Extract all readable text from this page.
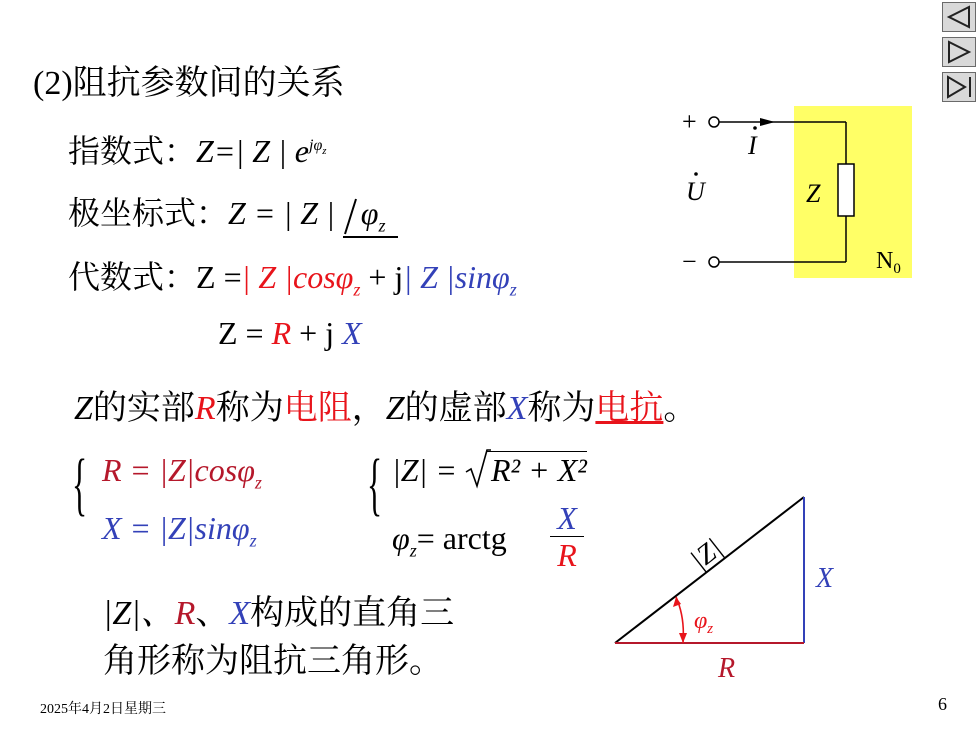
(2)阻抗参数间的关系
指数式：Z=| Z | $e^{j\varphi_z}$
极坐标式：Z = | Z | $\varphi_z$
代数式：Z =| Z |cosφ$_z$ + j| Z |sinφ$_z$
Z = R + j X
Z的实部R称为电阻，Z的虚部X称为电抗。
{ R = |Z|cosφ$_z$
X = |Z|sinφ$_z$
{ |Z| = R² + X²
$\varphi_z=$ arctg
X
R
|Z|、R、X构成的直角三
角形称为阻抗三角形。
+
−
I
U	Z
$N_0$
$\varphi_z$
|Z|
X
R
2025年4月2日星期三	6
